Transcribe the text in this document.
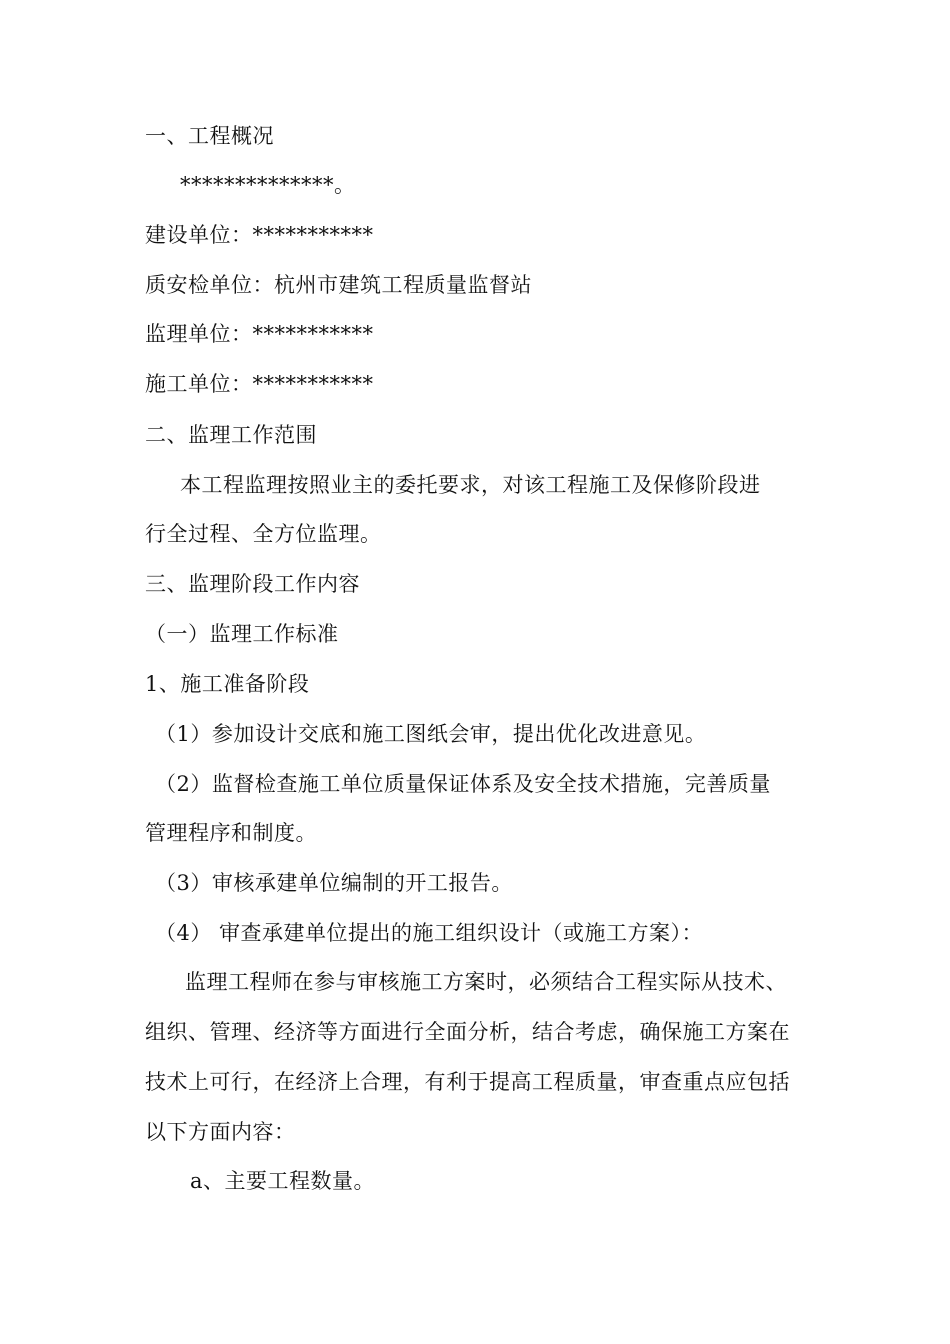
一、工程概况
**************。
建设单位：***********
质安检单位：杭州市建筑工程质量监督站
监理单位：***********
施工单位：***********
二、监理工作范围
本工程监理按照业主的委托要求，对该工程施工及保修阶段进
行全过程、全方位监理。
三、监理阶段工作内容
（一）监理工作标准
1、施工准备阶段
（1）参加设计交底和施工图纸会审，提出优化改进意见。
（2）监督检查施工单位质量保证体系及安全技术措施，完善质量
管理程序和制度。
（3）审核承建单位编制的开工报告。
（4） 审查承建单位提出的施工组织设计（或施工方案）：
监理工程师在参与审核施工方案时，必须结合工程实际从技术、
组织、管理、经济等方面进行全面分析，结合考虑，确保施工方案在
技术上可行，在经济上合理，有利于提高工程质量，审查重点应包括
以下方面内容：
a、主要工程数量。
